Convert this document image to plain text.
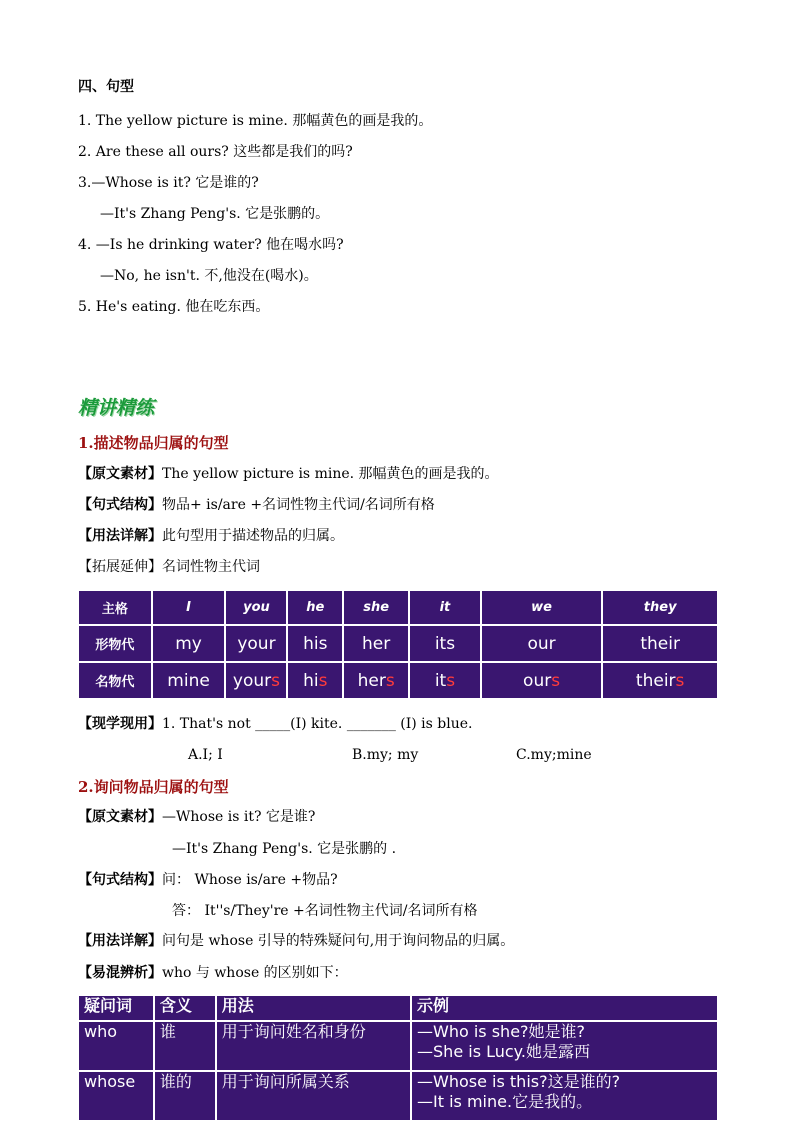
四、句型
1. The yellow picture is mine. 那幅黄色的画是我的。
2. Are these all ours? 这些都是我们的吗?
3.—Whose is it? 它是谁的?
—It's Zhang Peng's. 它是张鹏的。
4. —Is he drinking water? 他在喝水吗?
—No, he isn't. 不,他没在(喝水)。
5. He's eating. 他在吃东西。
精讲精练
1.描述物品归属的句型
【原文素材】The yellow picture is mine. 那幅黄色的画是我的。
【句式结构】物品+ is/are +名词性物主代词/名词所有格
【用法详解】此句型用于描述物品的归属。
【拓展延伸】名词性物主代词
主格	I	you	he	she	it	we	they
形物代	my	your	his	her	its	our	their
名物代	mine	yours	his	hers	its	ours	theirs
【现学现用】1. That's not _____(I) kite. _______ (I) is blue.
A.I; I	B.my; my	C.my;mine
2.询问物品归属的句型
【原文素材】—Whose is it? 它是谁?
—It's Zhang Peng's. 它是张鹏的 .
【句式结构】问： Whose is/are +物品?
答： It''s/They're +名词性物主代词/名词所有格
【用法详解】问句是 whose 引导的特殊疑问句,用于询问物品的归属。
【易混辨析】who 与 whose 的区别如下：
疑问词	含义	用法	示例
who	谁	用于询问姓名和身份	—Who is she?她是谁?
—She is Lucy.她是露西

whose	谁的	用于询问所属关系	—Whose is this?这是谁的?
—It is mine.它是我的。
